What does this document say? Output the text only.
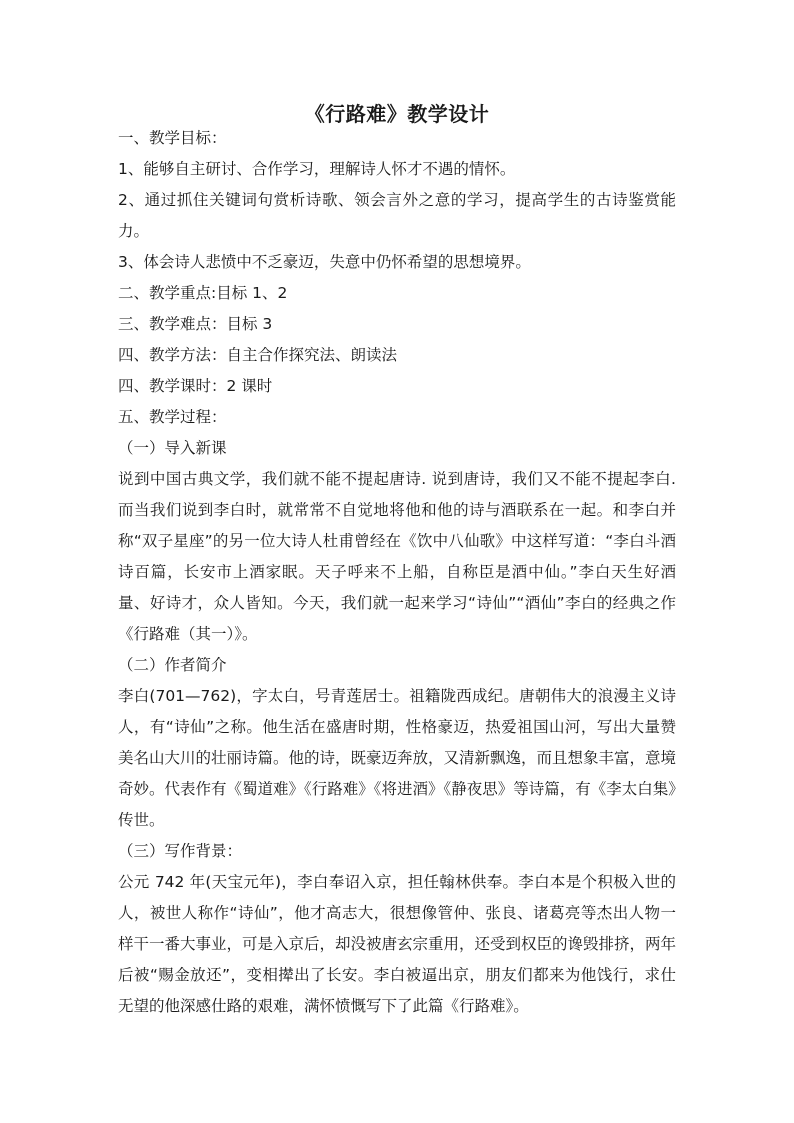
《行路难》教学设计
一、教学目标：
1、能够自主研讨、合作学习，理解诗人怀才不遇的情怀。
2、通过抓住关键词句赏析诗歌、领会言外之意的学习，提高学生的古诗鉴赏能力。
3、体会诗人悲愤中不乏豪迈，失意中仍怀希望的思想境界。
二、教学重点:目标 1、2
三、教学难点：目标 3
四、教学方法：自主合作探究法、朗读法
四、教学课时：2 课时
五、教学过程：
（一）导入新课
说到中国古典文学，我们就不能不提起唐诗. 说到唐诗，我们又不能不提起李白. 而当我们说到李白时，就常常不自觉地将他和他的诗与酒联系在一起。和李白并称“双子星座”的另一位大诗人杜甫曾经在《饮中八仙歌》中这样写道：“李白斗酒诗百篇，长安市上酒家眠。天子呼来不上船，自称臣是酒中仙。”李白天生好酒量、好诗才，众人皆知。今天，我们就一起来学习“诗仙”“酒仙”李白的经典之作《行路难（其一）》。
（二）作者简介
李白(701—762)，字太白，号青莲居士。祖籍陇西成纪。唐朝伟大的浪漫主义诗人，有“诗仙”之称。他生活在盛唐时期，性格豪迈，热爱祖国山河，写出大量赞美名山大川的壮丽诗篇。他的诗，既豪迈奔放，又清新飘逸，而且想象丰富，意境奇妙。代表作有《蜀道难》《行路难》《将进酒》《静夜思》等诗篇，有《李太白集》传世。
（三）写作背景：
公元 742 年(天宝元年)，李白奉诏入京，担任翰林供奉。李白本是个积极入世的人，被世人称作“诗仙”，他才高志大，很想像管仲、张良、诸葛亮等杰出人物一样干一番大事业，可是入京后，却没被唐玄宗重用，还受到权臣的谗毁排挤，两年后被“赐金放还”，变相撵出了长安。李白被逼出京，朋友们都来为他饯行，求仕无望的他深感仕路的艰难，满怀愤慨写下了此篇《行路难》。
